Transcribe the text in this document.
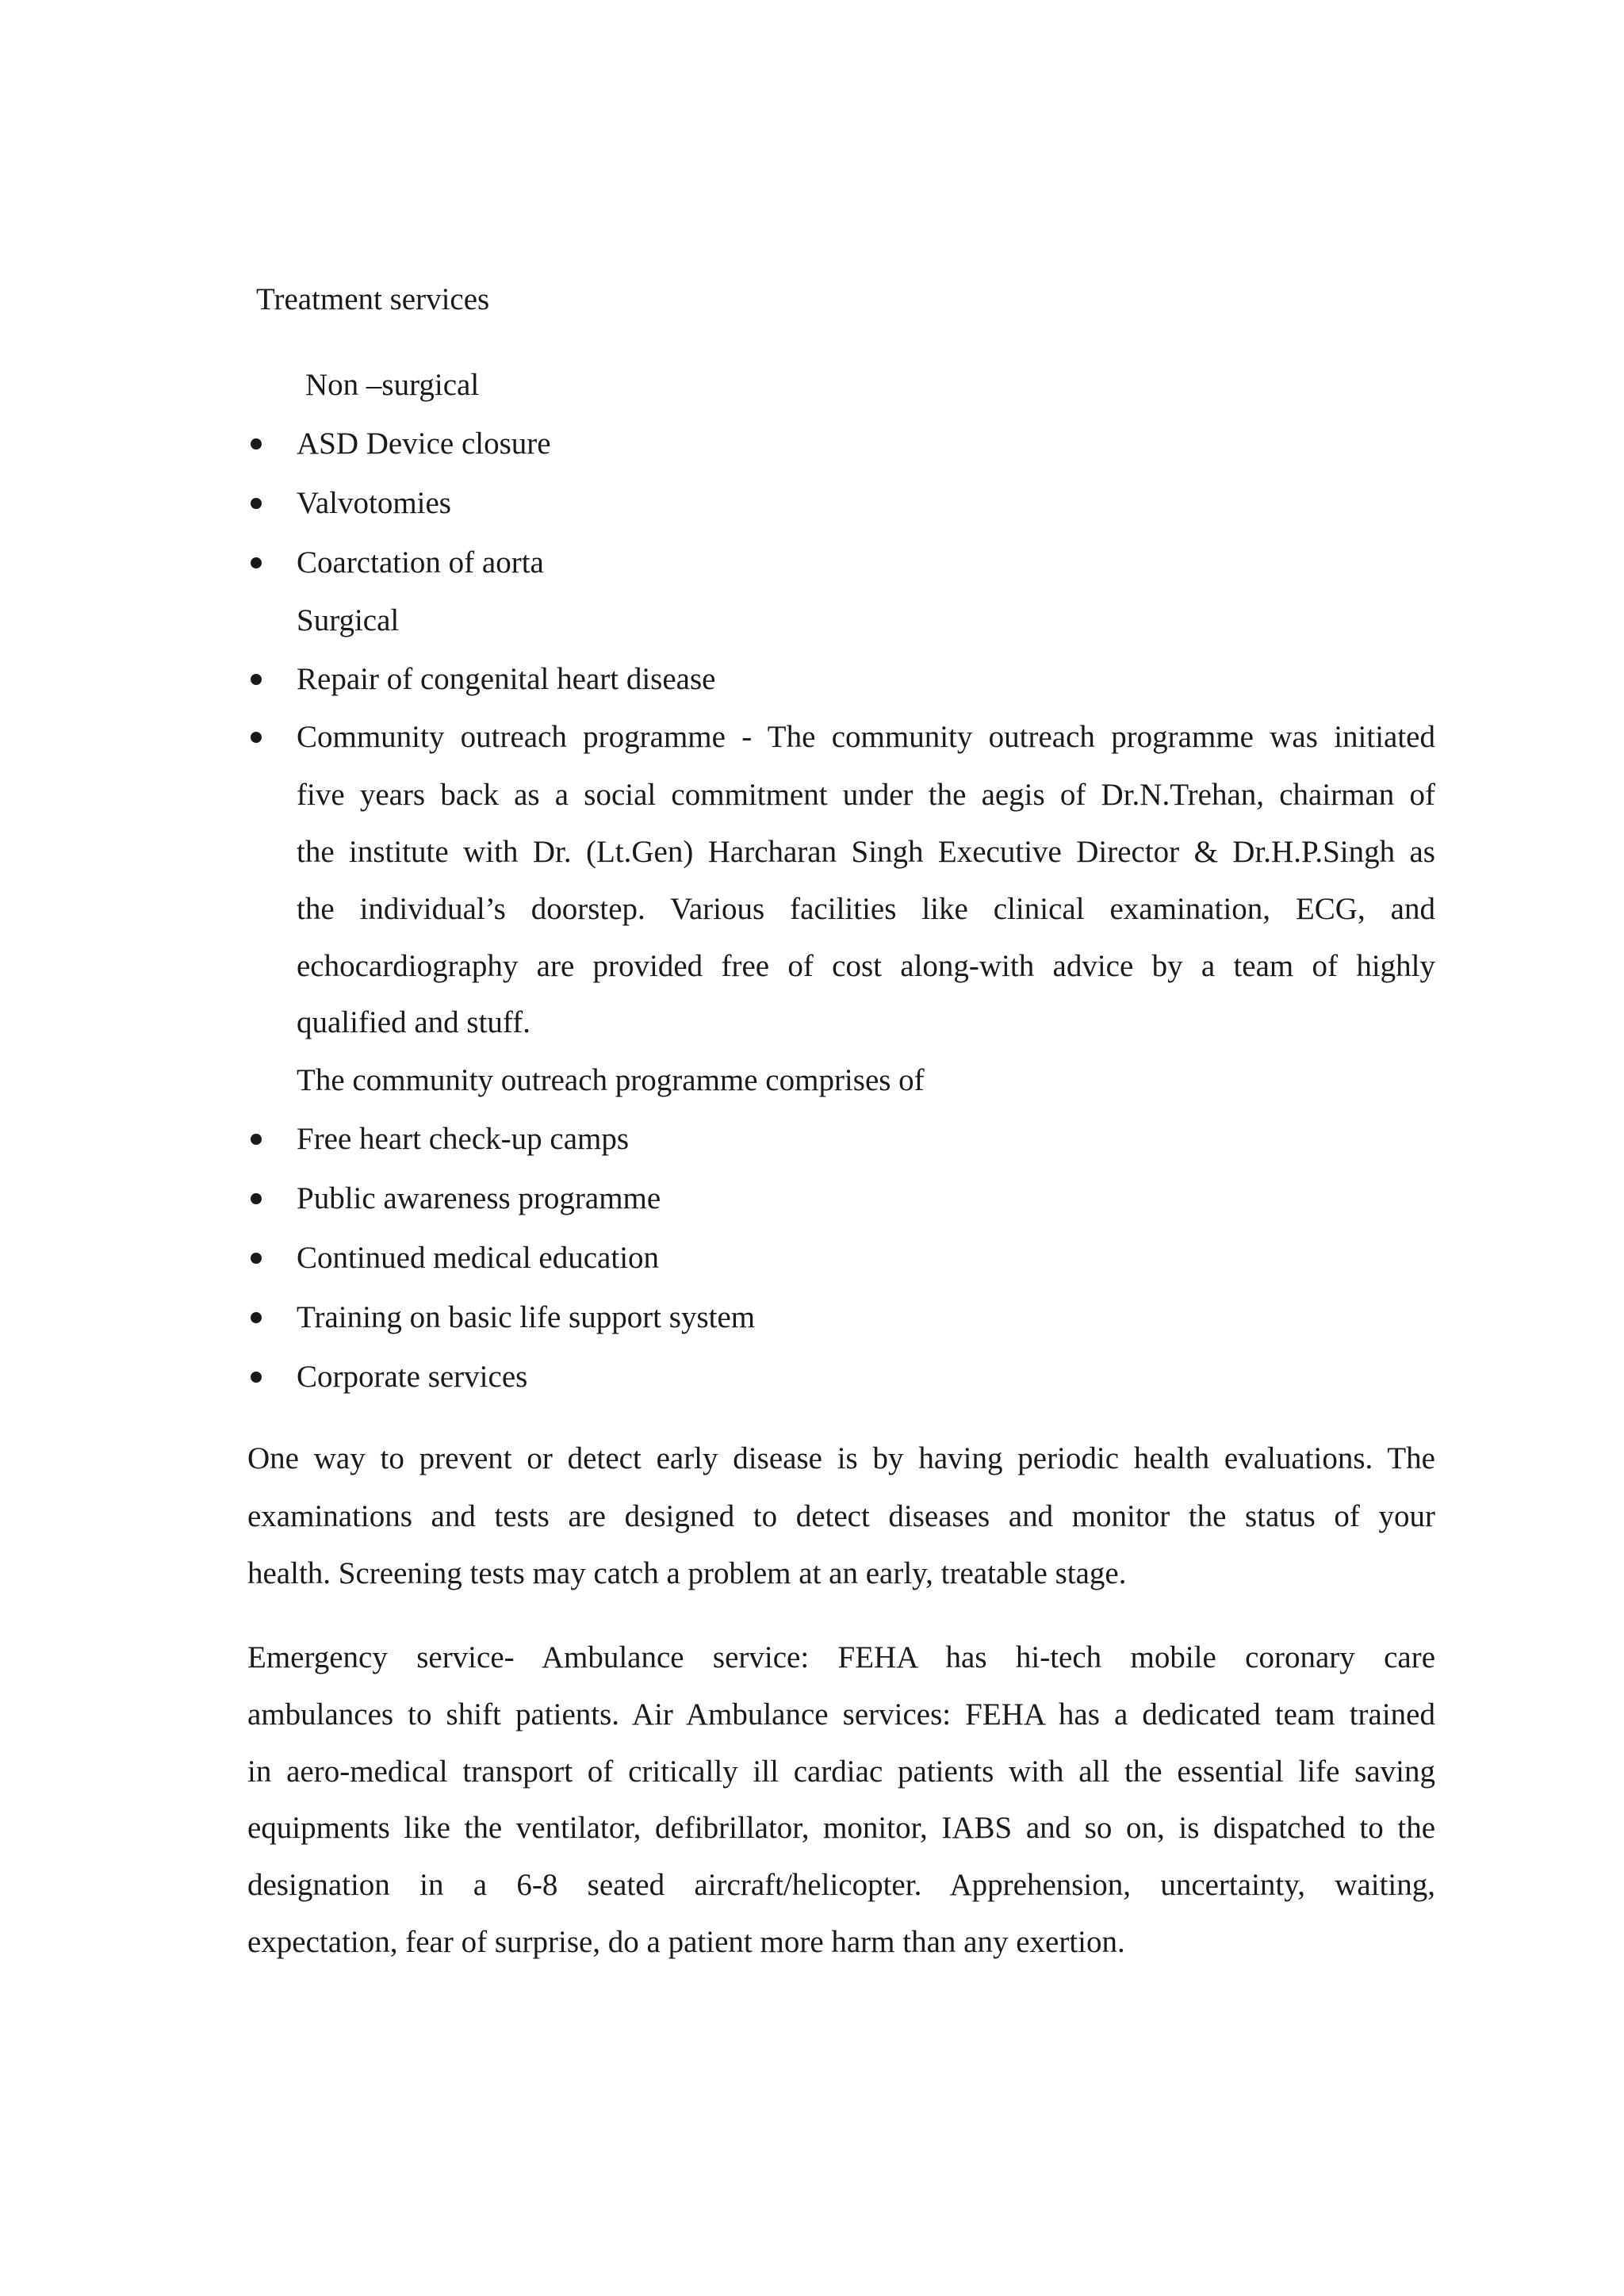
Treatment services
Non –surgical
ASD Device closure
Valvotomies
Coarctation of aorta
Surgical
Repair of congenital heart disease
Community outreach programme - The community outreach programme was initiated
five years back as a social commitment under the aegis of Dr.N.Trehan, chairman of
the institute with Dr. (Lt.Gen) Harcharan Singh Executive Director & Dr.H.P.Singh as
the individual’s doorstep. Various facilities like clinical examination, ECG, and
echocardiography are provided free of cost along-with advice by a team of highly
qualified and stuff.
The community outreach programme comprises of
Free heart check-up camps
Public awareness programme
Continued medical education
Training on basic life support system
Corporate services
One way to prevent or detect early disease is by having periodic health evaluations. The
examinations and tests are designed to detect diseases and monitor the status of your
health. Screening tests may catch a problem at an early, treatable stage.
Emergency service- Ambulance service: FEHA has hi-tech mobile coronary care
ambulances to shift patients. Air Ambulance services: FEHA has a dedicated team trained
in aero-medical transport of critically ill cardiac patients with all the essential life saving
equipments like the ventilator, defibrillator, monitor, IABS and so on, is dispatched to the
designation in a 6-8 seated aircraft/helicopter. Apprehension, uncertainty, waiting,
expectation, fear of surprise, do a patient more harm than any exertion.
